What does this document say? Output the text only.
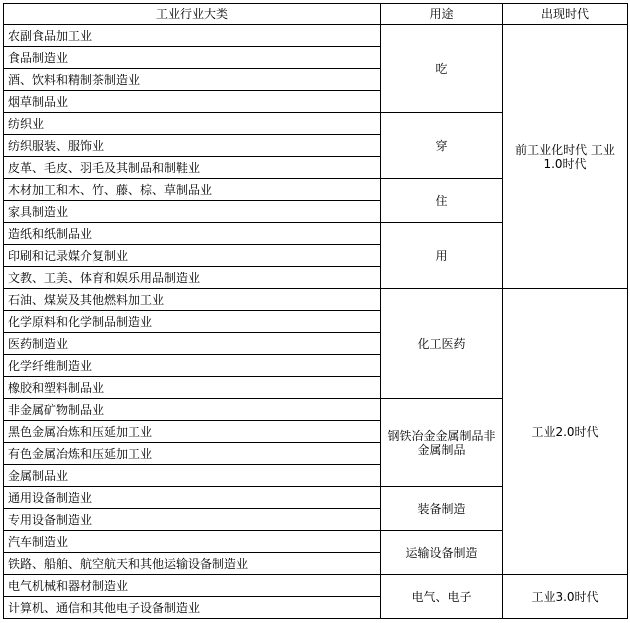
工业行业大类	用途	出现时代
农副食品加工业	吃	前工业化时代 工业1.0时代
食品制造业		
酒、饮料和精制茶制造业		
烟草制品业		
纺织业	穿	
纺织服装、服饰业		
皮革、毛皮、羽毛及其制品和制鞋业		
木材加工和木、竹、藤、棕、草制品业	住	
家具制造业		
造纸和纸制品业	用	
印刷和记录媒介复制业		
文教、工美、体育和娱乐用品制造业		
石油、煤炭及其他燃料加工业	化工医药	工业2.0时代
化学原料和化学制品制造业		
医药制造业		
化学纤维制造业		
橡胶和塑料制品业		
非金属矿物制品业	钢铁冶金金属制品非金属制品	
黑色金属冶炼和压延加工业		
有色金属冶炼和压延加工业		
金属制品业		
通用设备制造业	装备制造	
专用设备制造业		
汽车制造业	运输设备制造	
铁路、船舶、航空航天和其他运输设备制造业		
电气机械和器材制造业	电气、电子	工业3.0时代
计算机、通信和其他电子设备制造业		
